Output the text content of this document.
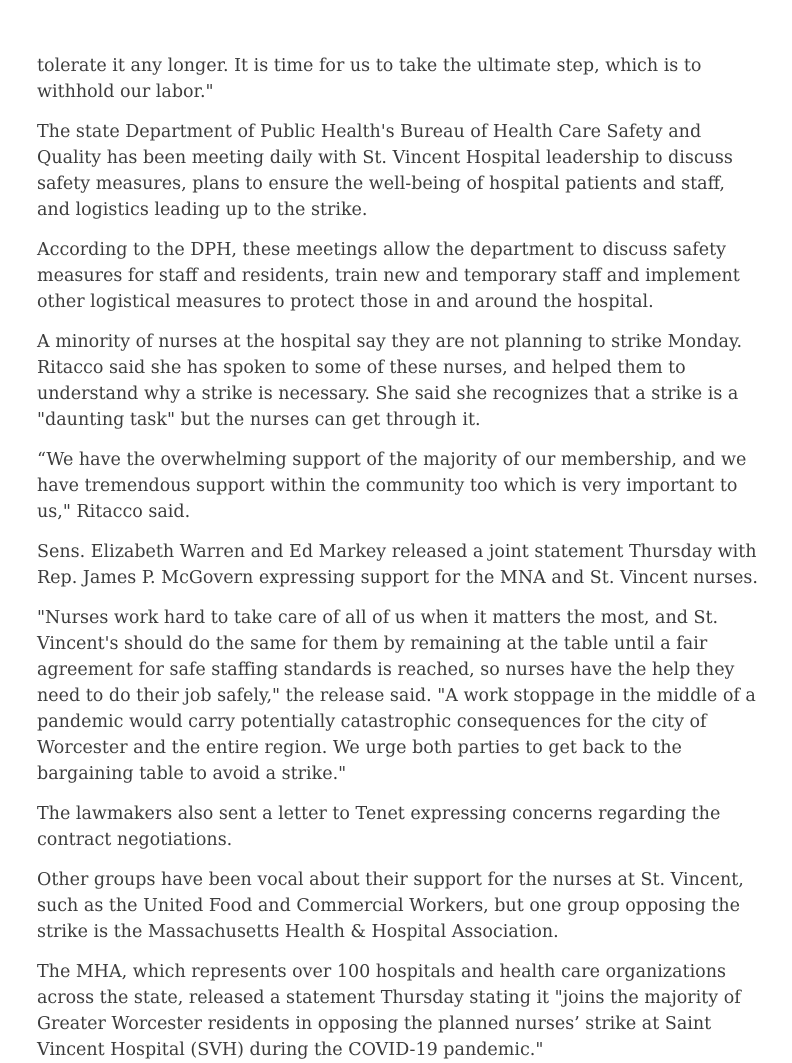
tolerate it any longer. It is time for us to take the ultimate step, which is to withhold our labor."

The state Department of Public Health's Bureau of Health Care Safety and Quality has been meeting daily with St. Vincent Hospital leadership to discuss safety measures, plans to ensure the well-being of hospital patients and staff, and logistics leading up to the strike.

According to the DPH, these meetings allow the department to discuss safety measures for staff and residents, train new and temporary staff and implement other logistical measures to protect those in and around the hospital.

A minority of nurses at the hospital say they are not planning to strike Monday. Ritacco said she has spoken to some of these nurses, and helped them to understand why a strike is necessary. She said she recognizes that a strike is a "daunting task" but the nurses can get through it.

“We have the overwhelming support of the majority of our membership, and we have tremendous support within the community too which is very important to us," Ritacco said.

Sens. Elizabeth Warren and Ed Markey released a joint statement Thursday with Rep. James P. McGovern expressing support for the MNA and St. Vincent nurses.

"Nurses work hard to take care of all of us when it matters the most, and St. Vincent's should do the same for them by remaining at the table until a fair agreement for safe staffing standards is reached, so nurses have the help they need to do their job safely," the release said. "A work stoppage in the middle of a pandemic would carry potentially catastrophic consequences for the city of Worcester and the entire region. We urge both parties to get back to the bargaining table to avoid a strike."

The lawmakers also sent a letter to Tenet expressing concerns regarding the contract negotiations.

Other groups have been vocal about their support for the nurses at St. Vincent, such as the United Food and Commercial Workers, but one group opposing the strike is the Massachusetts Health & Hospital Association.

The MHA, which represents over 100 hospitals and health care organizations across the state, released a statement Thursday stating it "joins the majority of Greater Worcester residents in opposing the planned nurses’ strike at Saint Vincent Hospital (SVH) during the COVID-19 pandemic."
